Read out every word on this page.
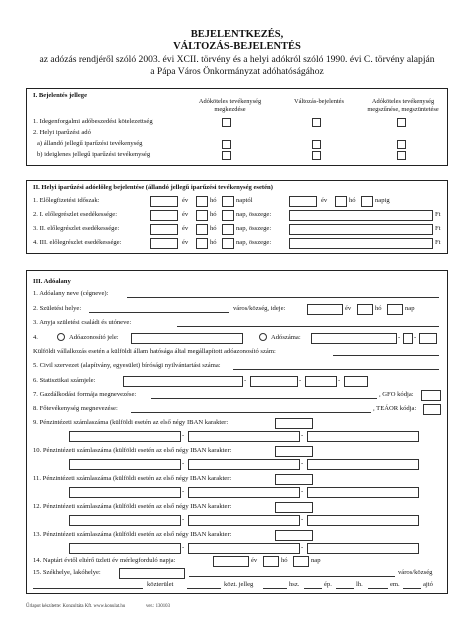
BEJELENTKEZÉS,
VÁLTOZÁS-BEJELENTÉS
az adózás rendjéről szóló 2003. évi XCII. törvény és a helyi adókról szóló 1990. évi C. törvény alapján
a Pápa Város Önkormányzat adóhatóságához
I. Bejelentés jellege
Adóköteles tevékenység megkezdése
Változás-bejelentés	Adóköteles tevékenység megszűnése, megszüntetése
1. Idegenforgalmi adóbeszedési kötelezettség
2. Helyi iparűzési adó
a) állandó jellegű iparűzési tevékenység
b) ideiglenes jellegű iparűzési tevékenység
II. Helyi iparűzési adóelőleg bejelentése (állandó jellegű iparűzési tevékenység esetén)
1. Előlegfizetési időszak:	év	hó	naptól	év	hó	napig
2. I. előlegrészlet esedékessége:	év	hó	nap, összege:	Ft
3. II. előlegrészlet esedékessége:	év	hó	nap, összege:	Ft
4. III. előlegrészlet esedékessége:	év	hó	nap, összege:	Ft
III. Adóalany
1. Adóalany neve (cégneve):
2. Születési helye:	város/község, ideje:	év	hó	nap
3. Anyja születési családi és utóneve:
4.	Adóazonosító jele:	Adószáma:	- -
Külföldi vállalkozás esetén a külföldi állam hatósága által megállapított adóazonosító szám:
5. Civil szervezet (alapítvány, egyesület) bírósági nyilvántartási száma:
6. Statisztikai számjele:	-	-	-
7. Gazdálkodási formája megnevezése:	, GFO kódja:
8. Főtevékenység megnevezése:	, TEÁOR kódja:
9. Pénzintézeti számlaszáma (külföldi esetén az első négy IBAN karakter:
-	-
10. Pénzintézeti számlaszáma (külföldi esetén az első négy IBAN karakter:
-	-
11. Pénzintézeti számlaszáma (külföldi esetén az első négy IBAN karakter:
-	-
12. Pénzintézeti számlaszáma (külföldi esetén az első négy IBAN karakter:
-	-
13. Pénzintézeti számlaszáma (külföldi esetén az első négy IBAN karakter:
-	-
14. Naptári évtől eltérő üzleti év mérlegforduló napja:	év	hó	nap
15. Székhelye, lakóhelye:	város/község
közterület	közt. jelleg	hsz.	ép.	lh.	em.	ajtó
Űrlapot készítette: Konzultáta Kft. www.konulat.hu	ver.: 130103
